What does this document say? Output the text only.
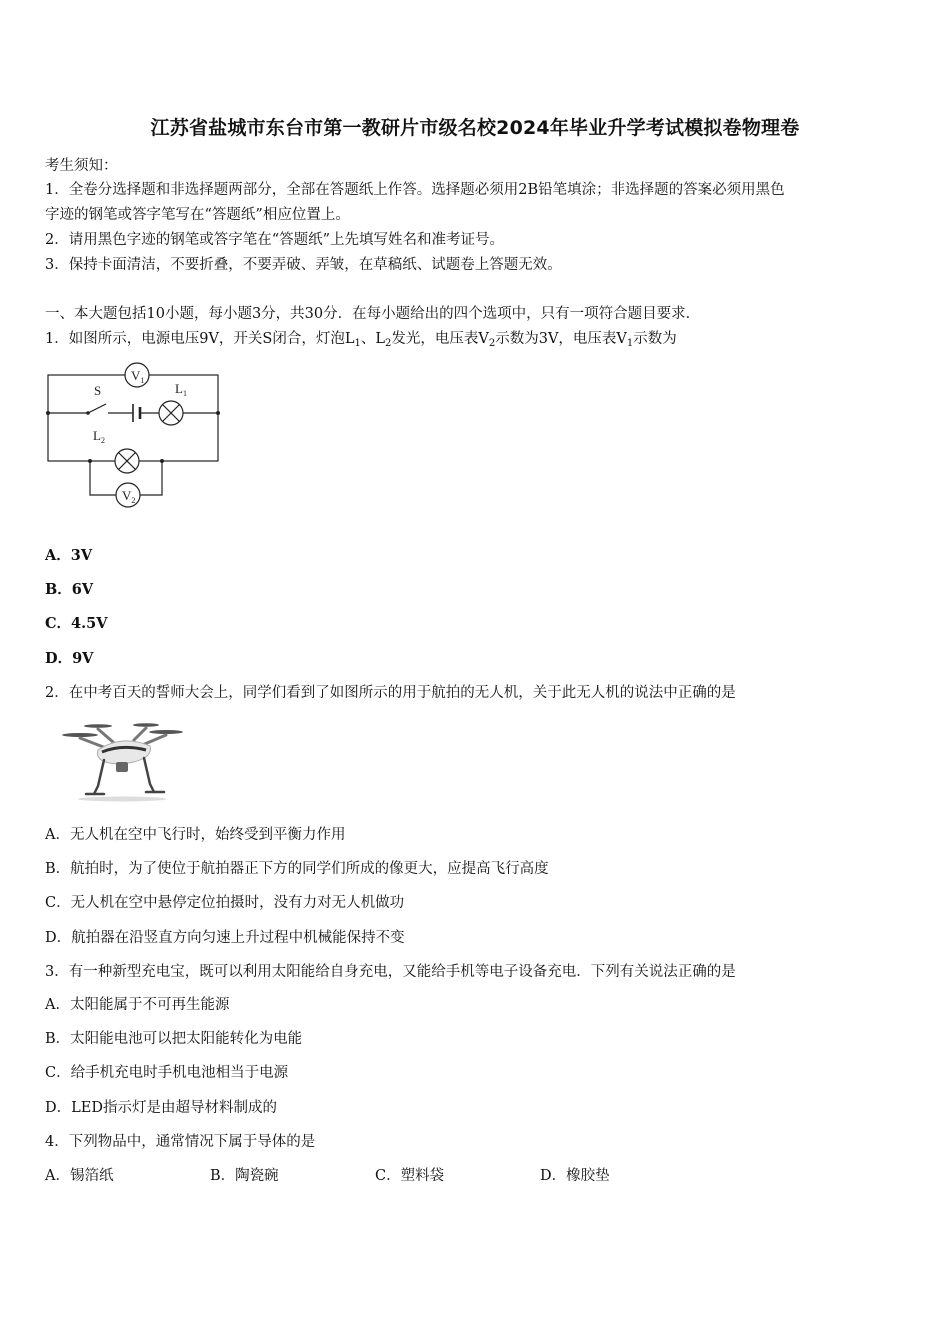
江苏省盐城市东台市第一教研片市级名校2024年毕业升学考试模拟卷物理卷
考生须知：
1．全卷分选择题和非选择题两部分，全部在答题纸上作答。选择题必须用2B铅笔填涂；非选择题的答案必须用黑色
字迹的钢笔或答字笔写在“答题纸”相应位置上。
2．请用黑色字迹的钢笔或答字笔在“答题纸”上先填写姓名和准考证号。
3．保持卡面清洁，不要折叠，不要弄破、弄皱，在草稿纸、试题卷上答题无效。
一、本大题包括10小题，每小题3分，共30分．在每小题给出的四个选项中，只有一项符合题目要求．
1．如图所示，电源电压9V，开关S闭合，灯泡$L_1$、$L_2$发光，电压表$V_2$示数为3V，电压表$V_1$示数为
$V_1$
S	$L_1$
$L_2$
$V_2$
A．3V
B．6V
C．4.5V
D．9V
2．在中考百天的誓师大会上，同学们看到了如图所示的用于航拍的无人机，关于此无人机的说法中正确的是
A．无人机在空中飞行时，始终受到平衡力作用
B．航拍时，为了使位于航拍器正下方的同学们所成的像更大，应提高飞行高度
C．无人机在空中悬停定位拍摄时，没有力对无人机做功
D．航拍器在沿竖直方向匀速上升过程中机械能保持不变
3．有一种新型充电宝，既可以利用太阳能给自身充电，又能给手机等电子设备充电．下列有关说法正确的是
A．太阳能属于不可再生能源
B．太阳能电池可以把太阳能转化为电能
C．给手机充电时手机电池相当于电源
D．LED指示灯是由超导材料制成的
4．下列物品中，通常情况下属于导体的是
A．锡箔纸	B．陶瓷碗	C．塑料袋	D．橡胶垫
